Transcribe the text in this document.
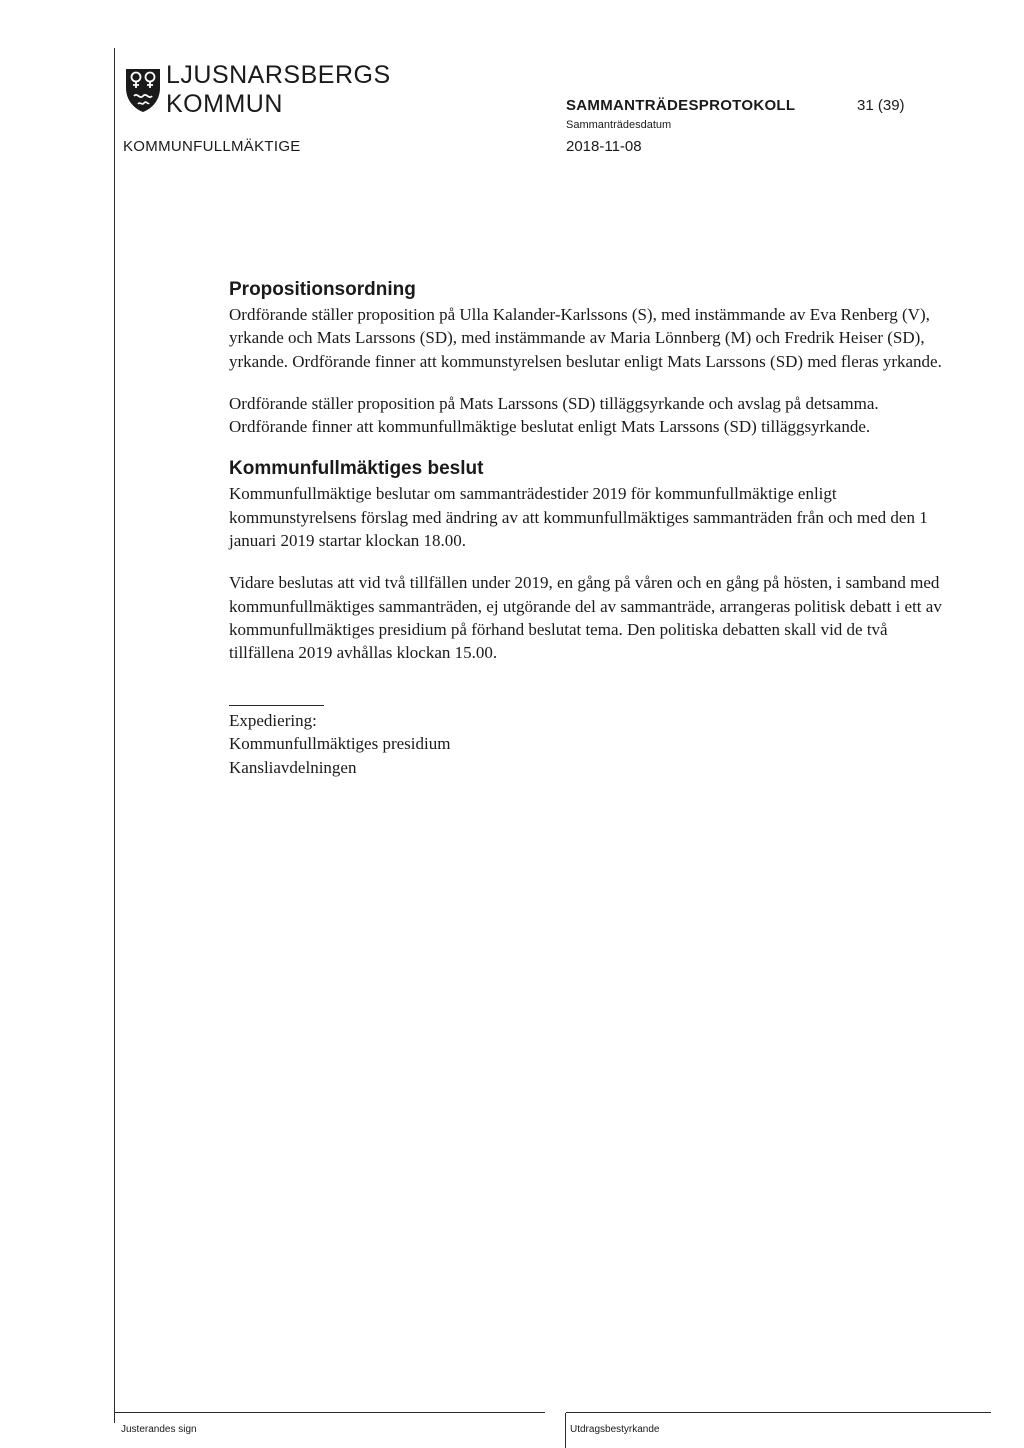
LJUSNARSBERGS
KOMMUN
KOMMUNFULLMÄKTIGE
SAMMANTRÄDESPROTOKOLL
Sammanträdesdatum
2018-11-08
31 (39)
Propositionsordning

Ordförande ställer proposition på Ulla Kalander-Karlssons (S), med instämmande av Eva Renberg (V), yrkande och Mats Larssons (SD), med instämmande av Maria Lönnberg (M) och Fredrik Heiser (SD), yrkande. Ordförande finner att kommunstyrelsen beslutar enligt Mats Larssons (SD) med fleras yrkande.

Ordförande ställer proposition på Mats Larssons (SD) tilläggsyrkande och avslag på detsamma. Ordförande finner att kommunfullmäktige beslutat enligt Mats Larssons (SD) tilläggsyrkande.

Kommunfullmäktiges beslut

Kommunfullmäktige beslutar om sammanträdestider 2019 för kommunfullmäktige enligt kommunstyrelsens förslag med ändring av att kommunfullmäktiges sammanträden från och med den 1 januari 2019 startar klockan 18.00.

Vidare beslutas att vid två tillfällen under 2019, en gång på våren och en gång på hösten, i samband med kommunfullmäktiges sammanträden, ej utgörande del av sammanträde, arrangeras politisk debatt i ett av kommunfullmäktiges presidium på förhand beslutat tema. Den politiska debatten skall vid de två tillfällena 2019 avhållas klockan 15.00.

Expediering:
Kommunfullmäktiges presidium
Kansliavdelningen
Justerandes sign	Utdragsbestyrkande
